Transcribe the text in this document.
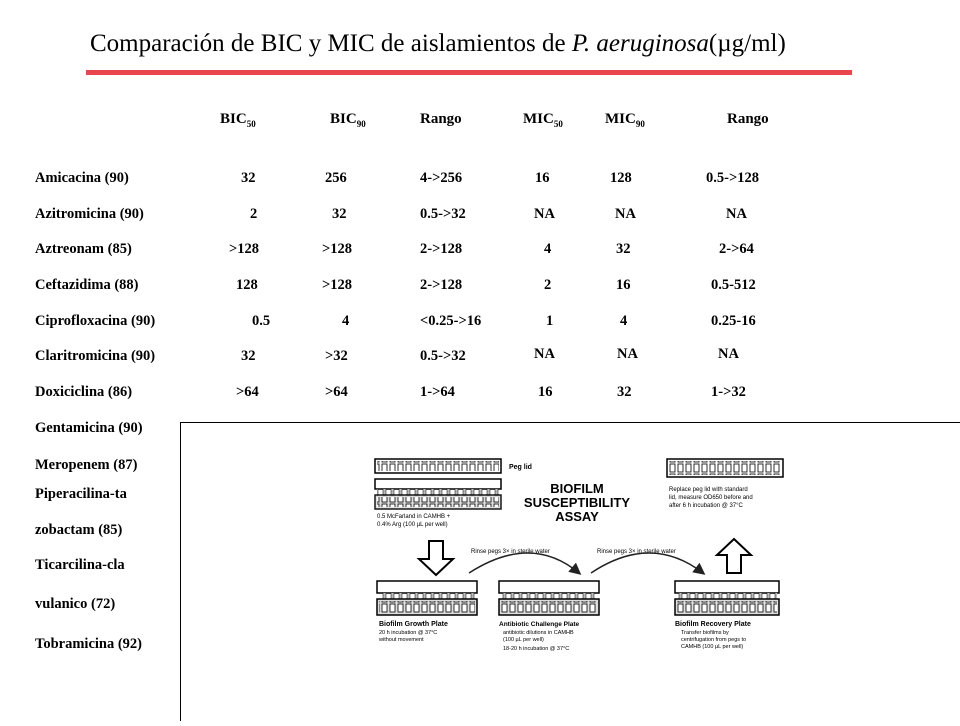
Comparación de BIC y MIC de aislamientos de P. aeruginosa(µg/ml)
$BIC_{50}$	$BIC_{90}$	Rango	$MIC_{50}$	$MIC_{90}$	Rango
Amicacina (90)	32	256	4->256	16	128	0.5->128
Azitromicina (90)	2	32	0.5->32	NA	NA	NA
Aztreonam (85)	>128	>128	2->128	4	32	2->64
Ceftazidima (88)	128	>128	2->128	2	16	0.5-512
Ciprofloxacina (90)	0.5	4	<0.25->16	1	4	0.25-16
Claritromicina (90)	32	>32	0.5->32	NA	NA	NA
Doxiciclina (86)	>64	>64	1->64	16	32	1->32
Gentamicina (90)
Meropenem (87)
Piperacilina-ta
zobactam (85)
Ticarcilina-cla
vulanico (72)
Tobramicina (92)
Peg lid
0.5 McFarland in CAMHB +
0.4% Arg (100 µL per well)
BIOFILM
SUSCEPTIBILITY
ASSAY
Replace peg lid with standard
lid, measure OD650 before and
after 6 h incubation @ 37°C
Rinse pegs 3× in sterile water	Rinse pegs 3× in sterile water
Biofilm Growth Plate
20 h incubation @ 37°C
without movement
Antibiotic Challenge Plate
antibiotic dilutions in CAMHB
(100 µL per well)
18-20 h incubation @ 37°C
Biofilm Recovery Plate
Transfer biofilms by
centrifugation from pegs to
CAMHB (100 µL per well)
